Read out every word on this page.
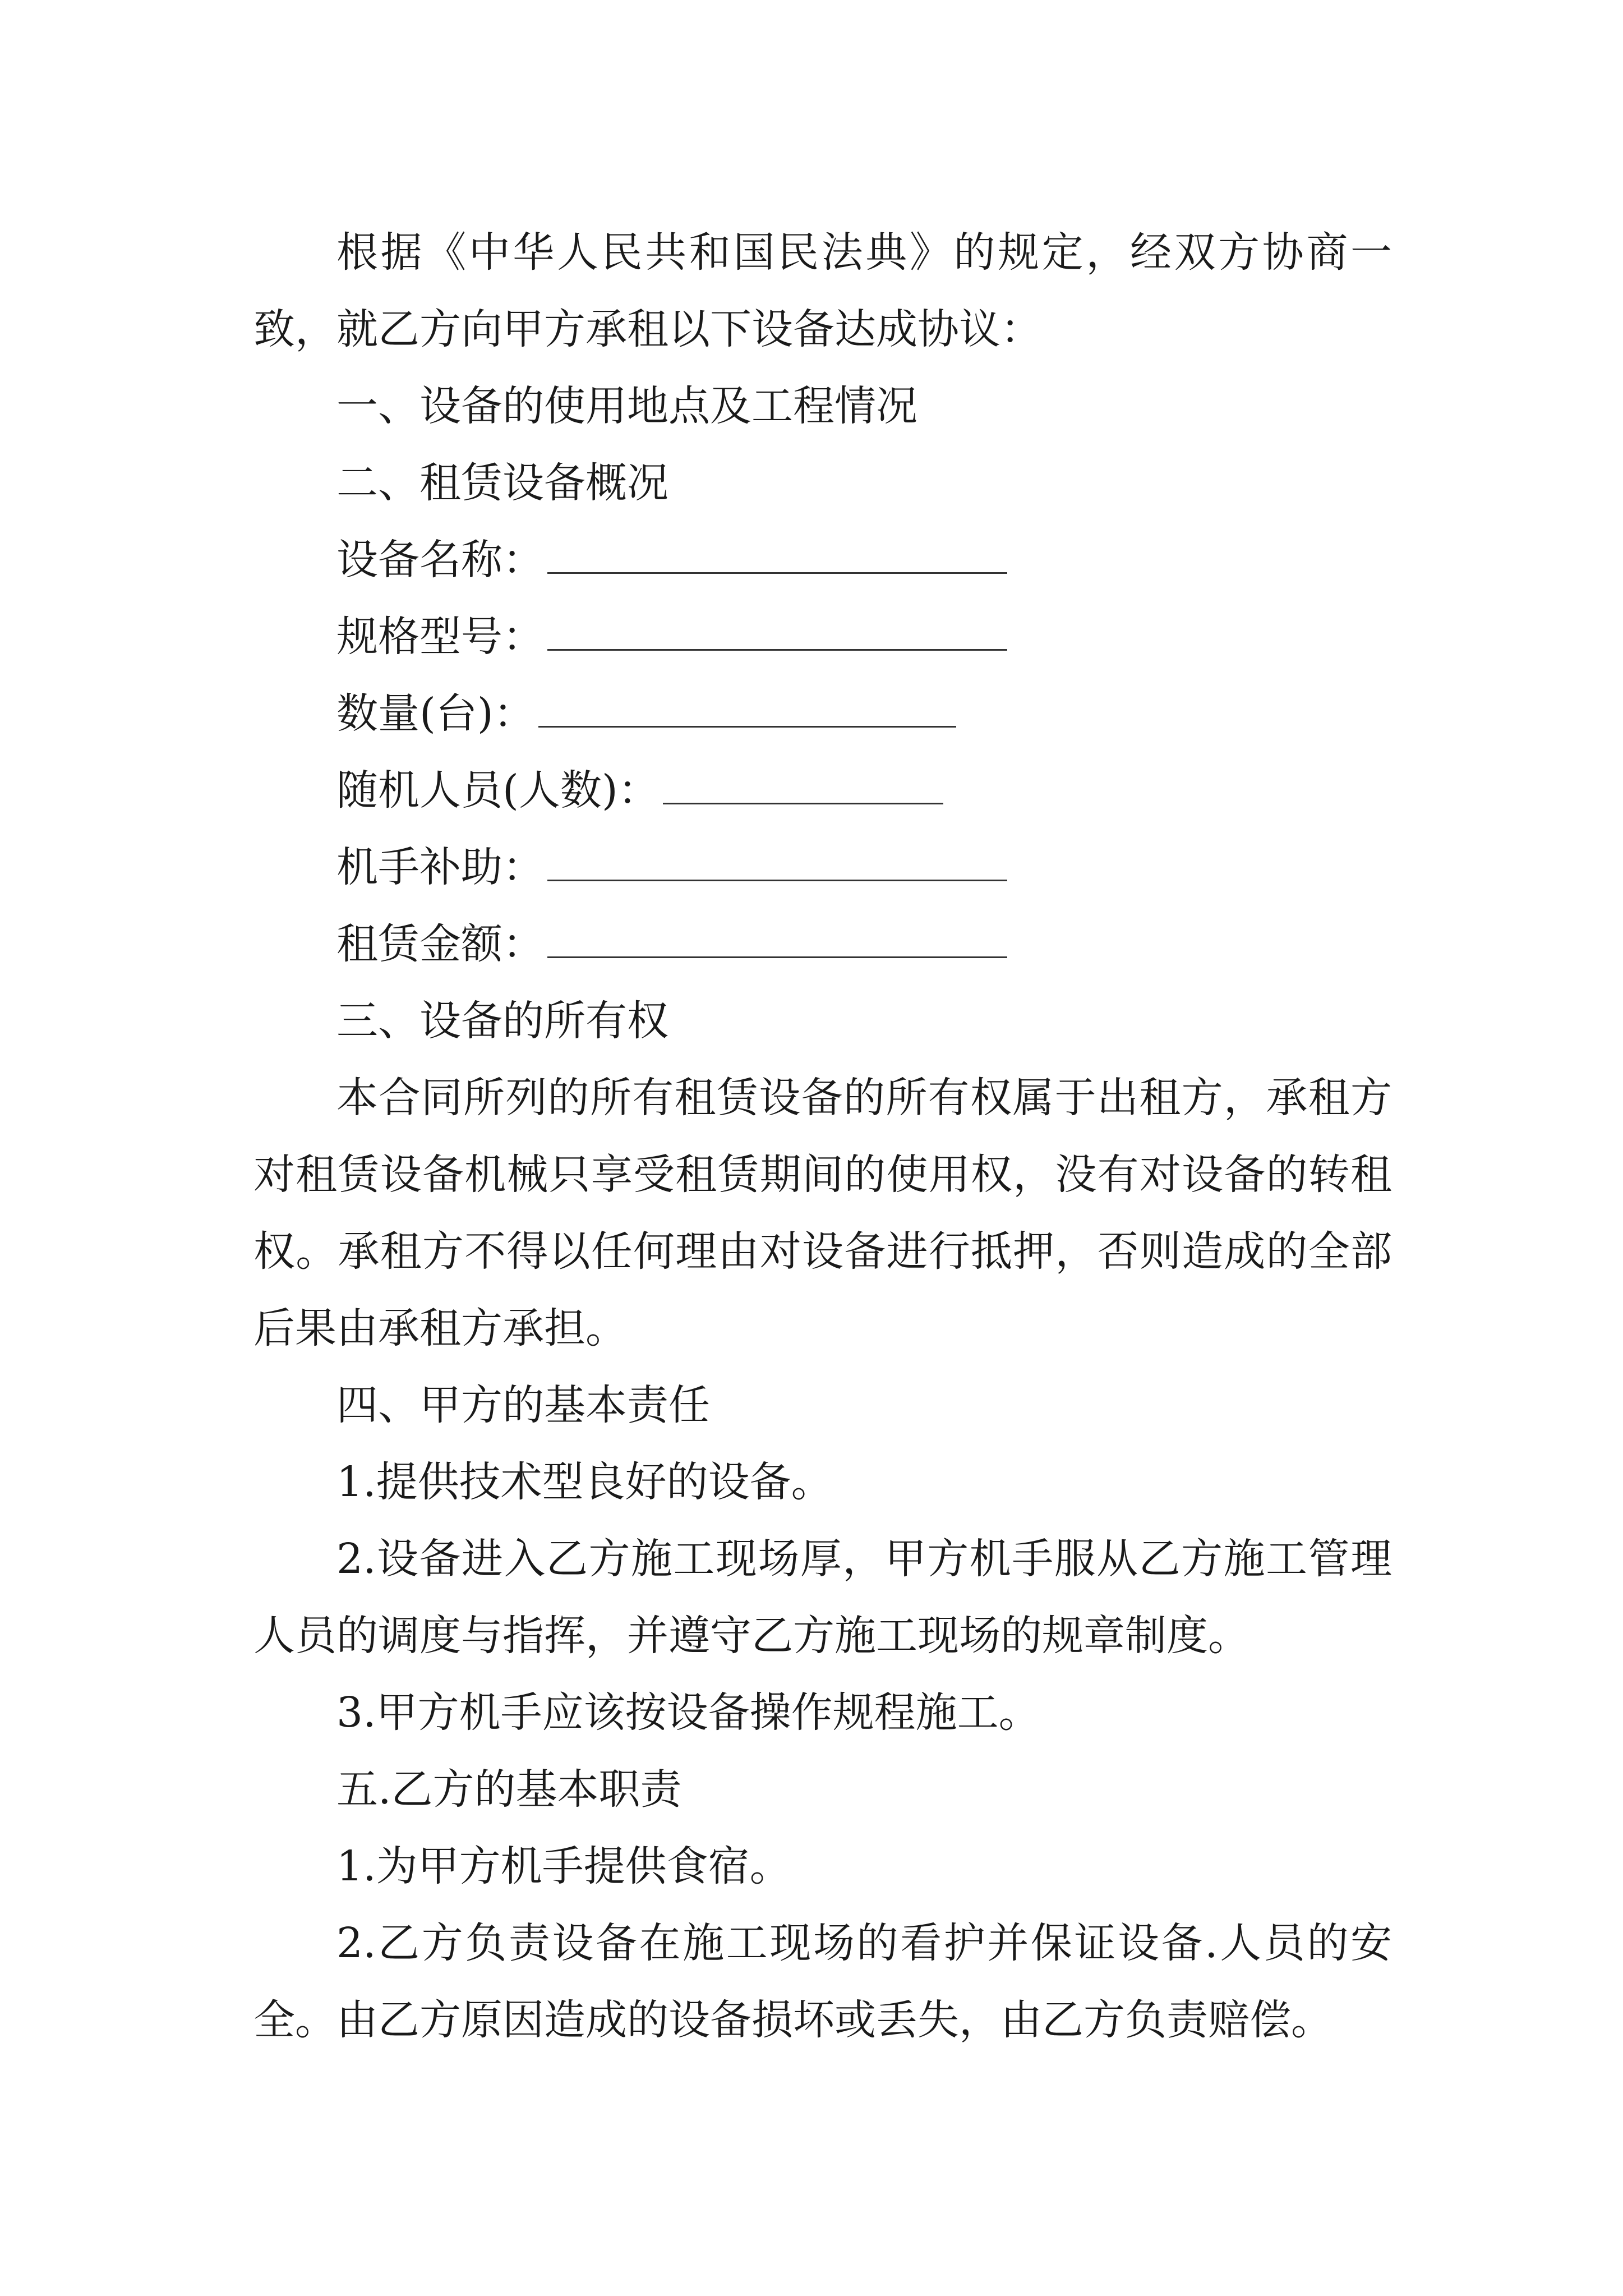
根据《中华人民共和国民法典》的规定，经双方协商一致，就乙方向甲方承租以下设备达成协议：

一、设备的使用地点及工程情况

二、租赁设备概况

设备名称：

规格型号：

数量(台)：

随机人员(人数)：

机手补助：

租赁金额：

三、设备的所有权

本合同所列的所有租赁设备的所有权属于出租方，承租方对租赁设备机械只享受租赁期间的使用权，没有对设备的转租权。承租方不得以任何理由对设备进行抵押，否则造成的全部后果由承租方承担。

四、甲方的基本责任

1.提供技术型良好的设备。

2.设备进入乙方施工现场厚，甲方机手服从乙方施工管理人员的调度与指挥，并遵守乙方施工现场的规章制度。

3.甲方机手应该按设备操作规程施工。

五.乙方的基本职责

1.为甲方机手提供食宿。

2.乙方负责设备在施工现场的看护并保证设备.人员的安全。由乙方原因造成的设备损坏或丢失，由乙方负责赔偿。
